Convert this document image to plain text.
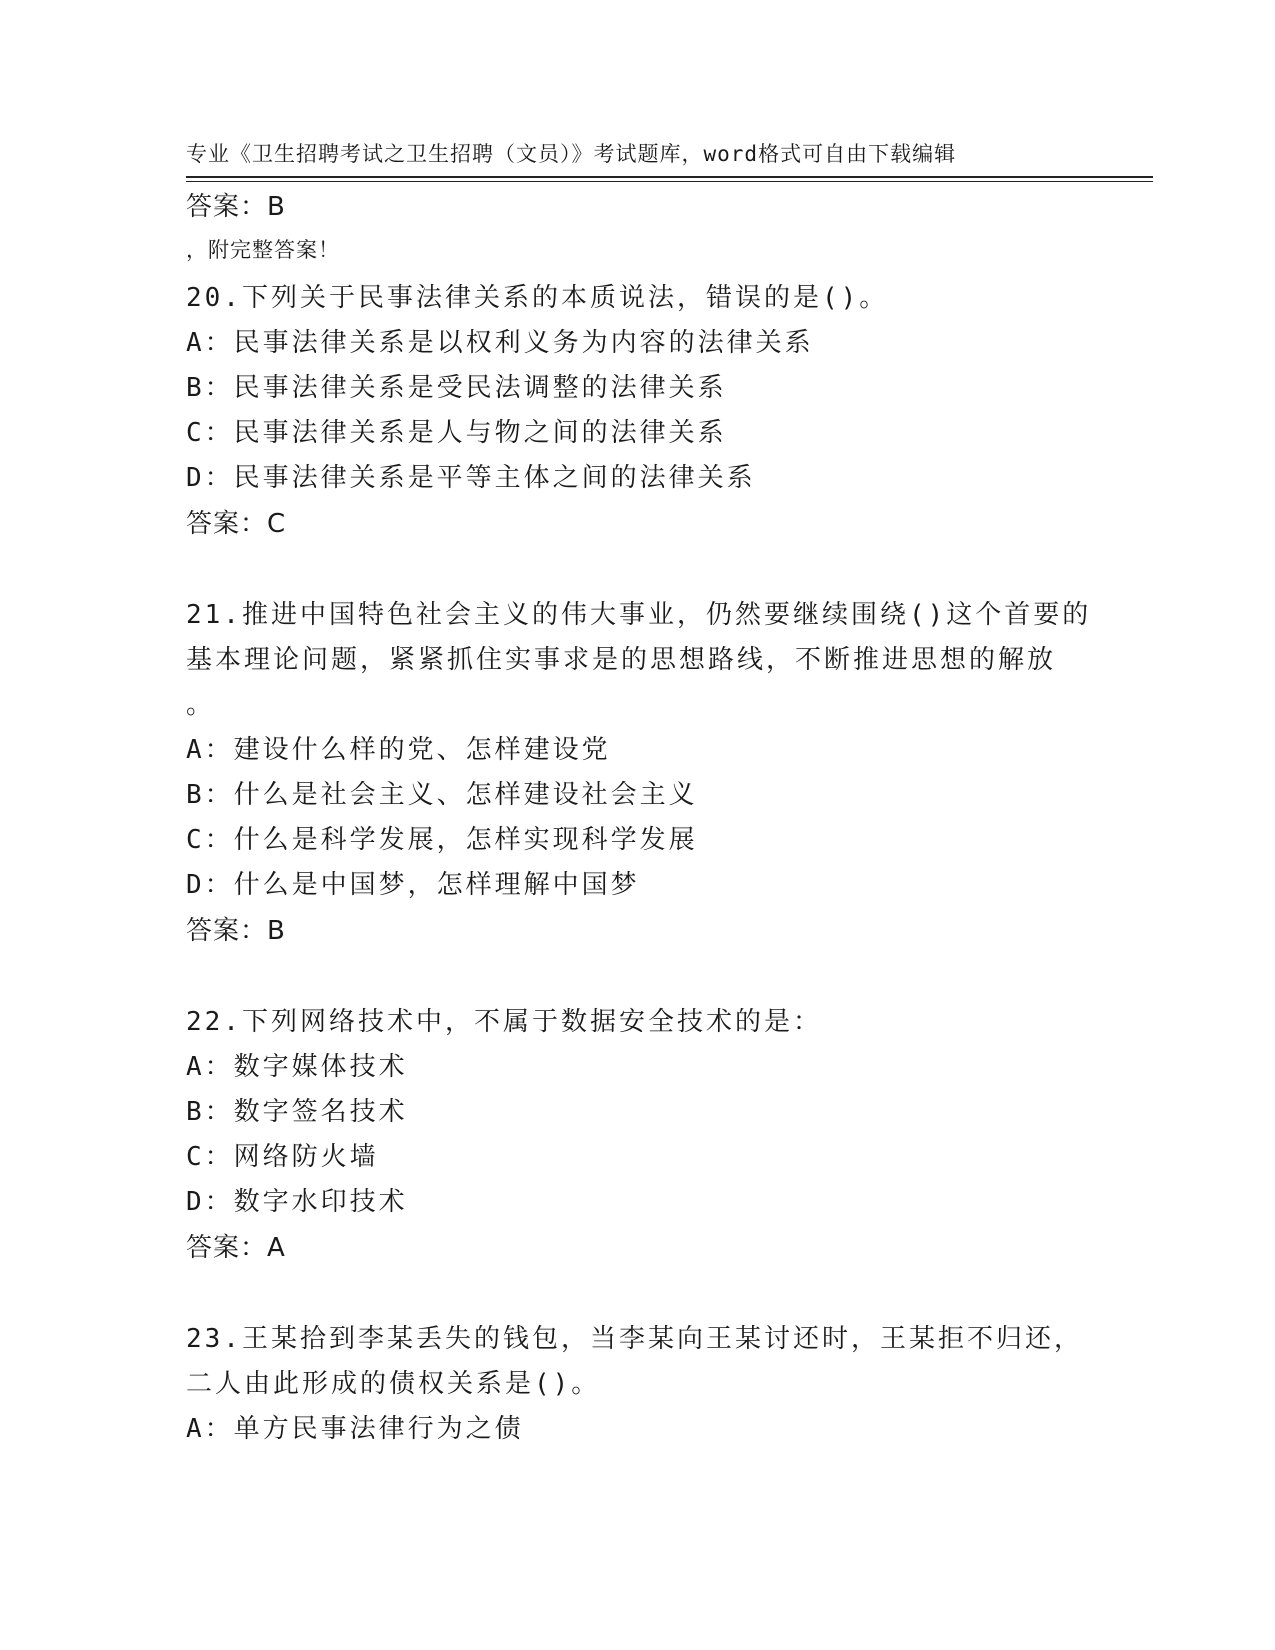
专业《卫生招聘考试之卫生招聘（文员）》考试题库，word格式可自由下载编辑

，附完整答案！

答案：B
20.下列关于民事法律关系的本质说法，错误的是()。
A：民事法律关系是以权利义务为内容的法律关系
B：民事法律关系是受民法调整的法律关系
C：民事法律关系是人与物之间的法律关系
D：民事法律关系是平等主体之间的法律关系
答案：C
21.推进中国特色社会主义的伟大事业，仍然要继续围绕()这个首要的
基本理论问题，紧紧抓住实事求是的思想路线，不断推进思想的解放
。
A：建设什么样的党、怎样建设党
B：什么是社会主义、怎样建设社会主义
C：什么是科学发展，怎样实现科学发展
D：什么是中国梦，怎样理解中国梦
答案：B
22.下列网络技术中，不属于数据安全技术的是：
A：数字媒体技术
B：数字签名技术
C：网络防火墙
D：数字水印技术
答案：A
23.王某拾到李某丢失的钱包，当李某向王某讨还时，王某拒不归还，
二人由此形成的债权关系是()。
A：单方民事法律行为之债
